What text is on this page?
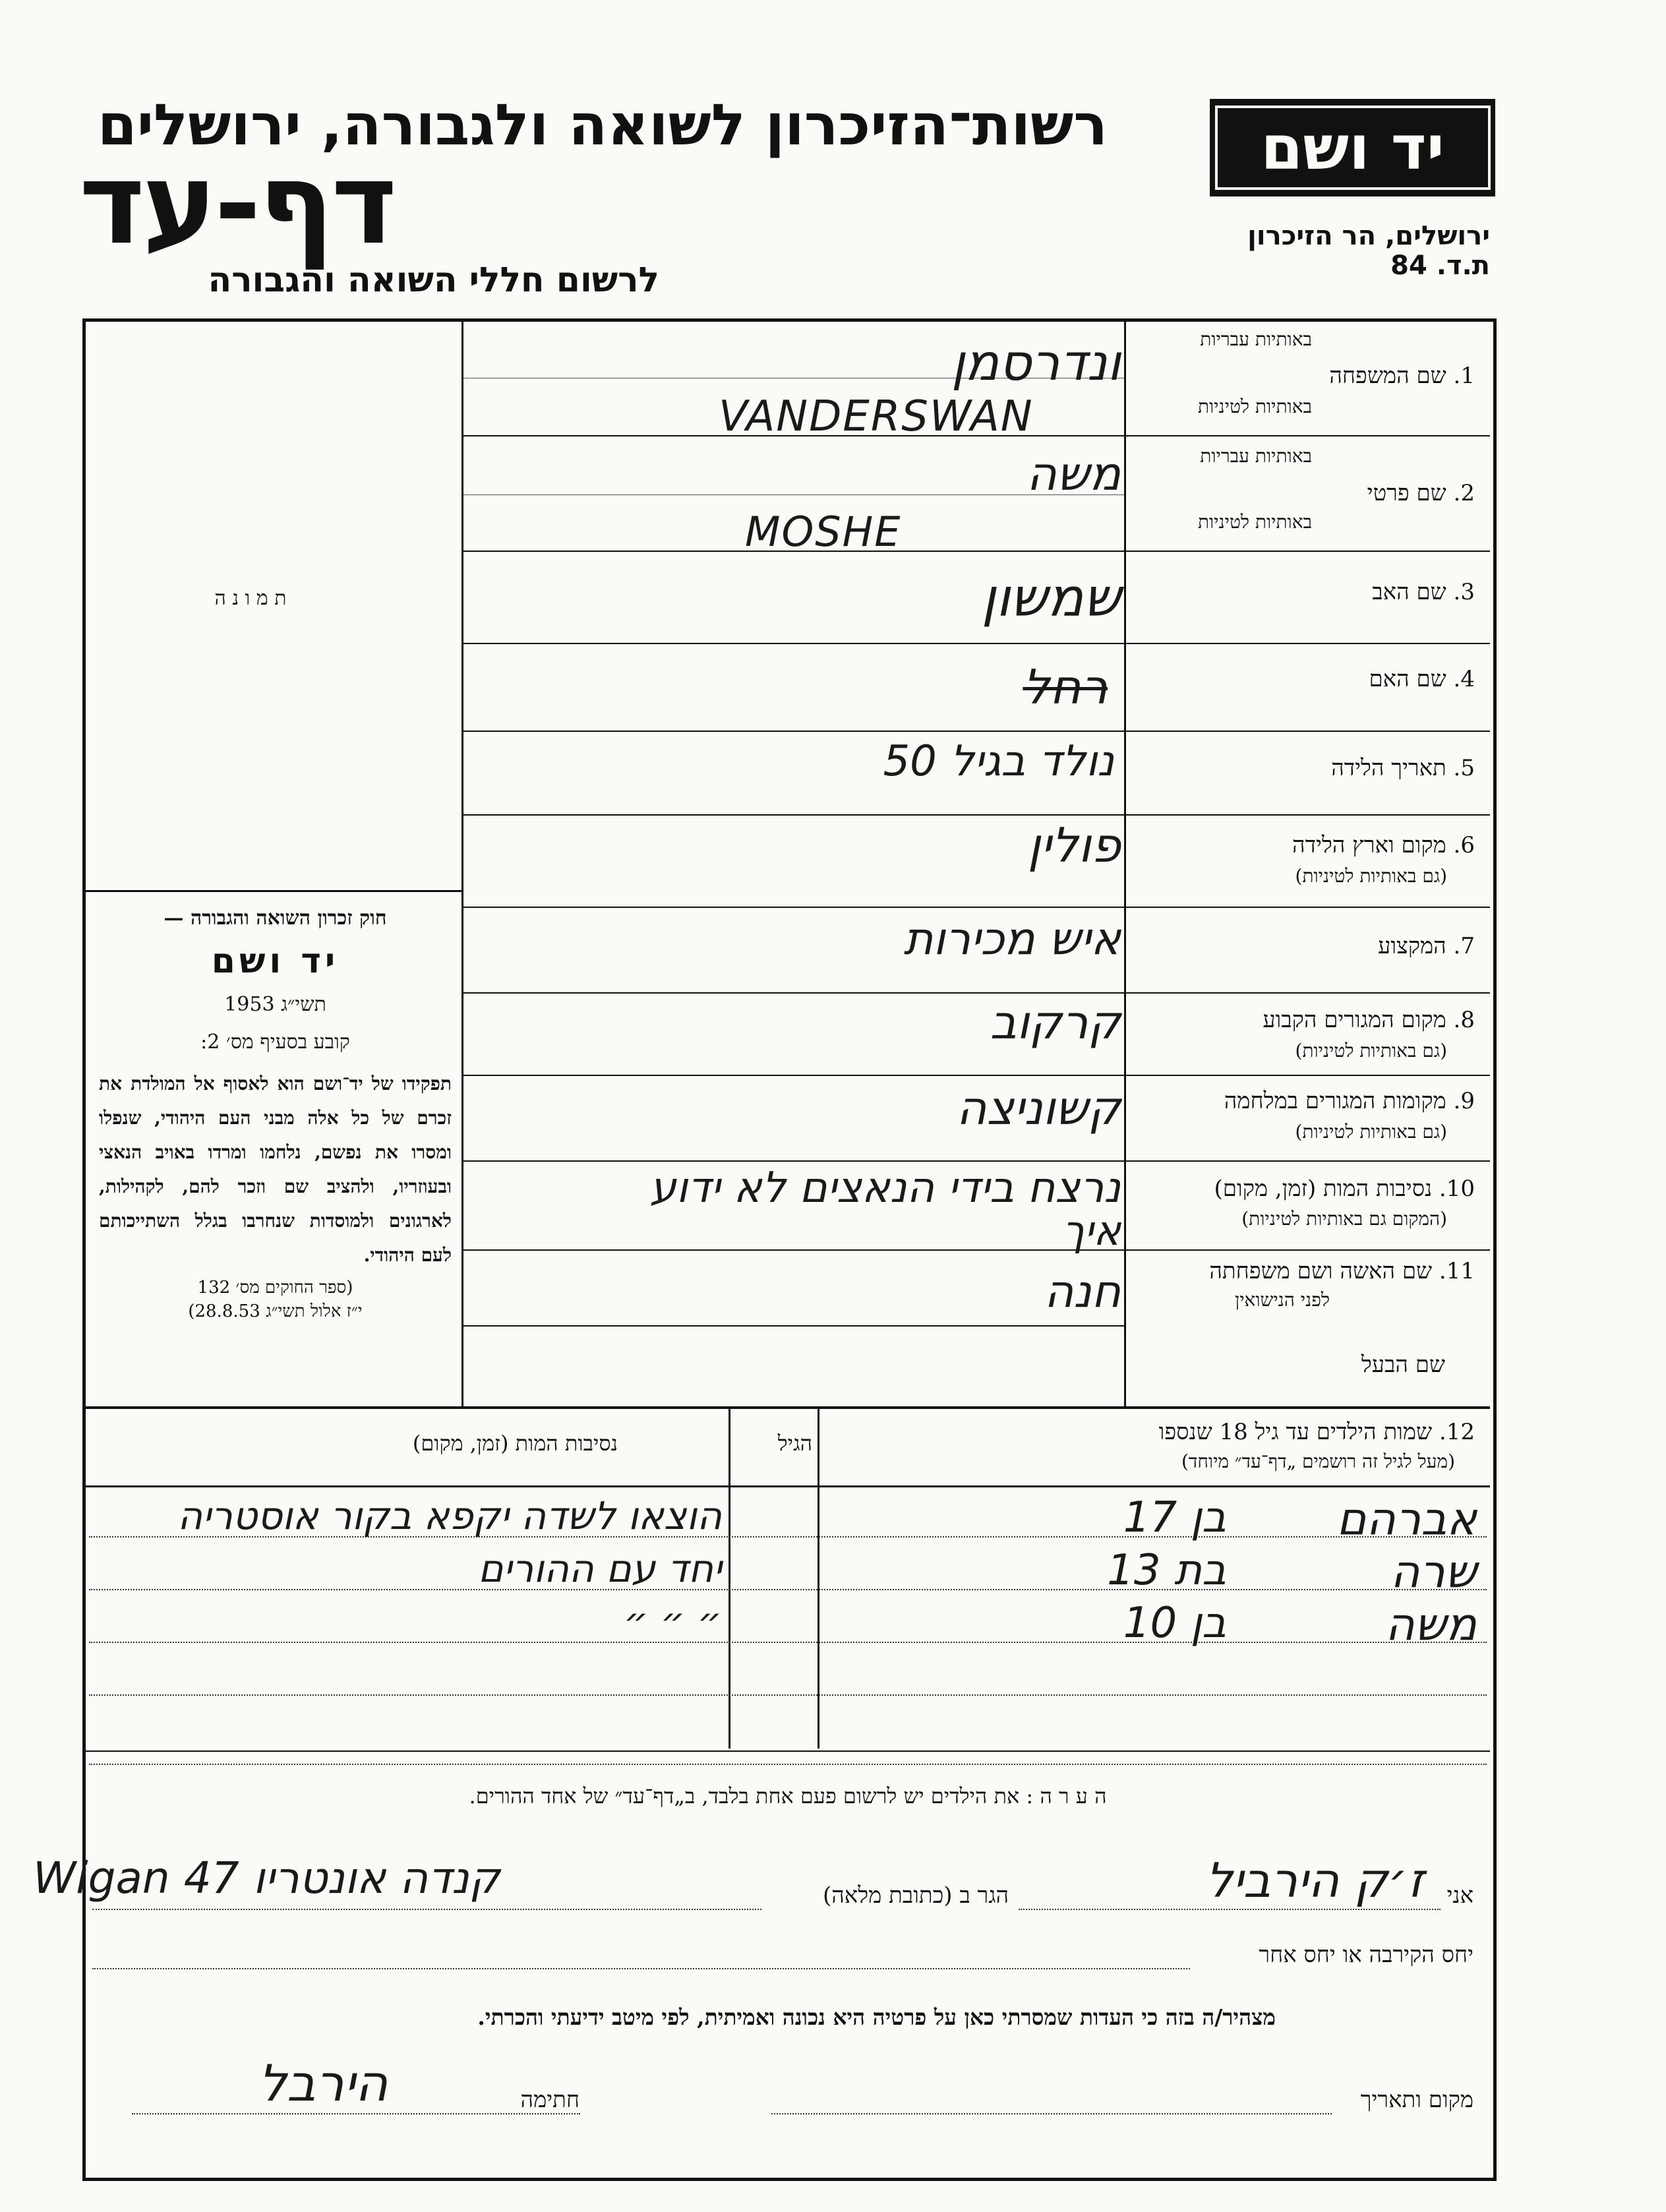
רשות־הזיכרון לשואה ולגבורה, ירושלים
דף-עד
לרשום חללי השואה והגבורה
יד ושם
ירושלים, הר הזיכרון
ת.ד. 84
ת מ ו נ ה
חוק זכרון השואה והגבורה —
יד ושם
תשי״ג 1953
קובע בסעיף מס׳ 2:
תפקידו של יד־ושם הוא לאסוף אל המולדת את זכרם של כל אלה מבני העם היהודי, שנפלו ומסרו את נפשם, נלחמו ומרדו באויב הנאצי ובעוזריו, ולהציב שם וזכר להם, לקהילות, לארגונים ולמוסדות שנחרבו בגלל השתייכותם לעם היהודי.
(ספר החוקים מס׳ 132
י״ז אלול תשי״ג 28.8.53)
באותיות עבריות
1. שם המשפחה
באותיות לטיניות
באותיות עבריות
2. שם פרטי
באותיות לטיניות
3. שם האב
4. שם האם
5. תאריך הלידה
6. מקום וארץ הלידה
(גם באותיות לטיניות)
7. המקצוע
8. מקום המגורים הקבוע
(גם באותיות לטיניות)
9. מקומות המגורים במלחמה
(גם באותיות לטיניות)
10. נסיבות המות (זמן, מקום)
(המקום גם באותיות לטיניות)
11. שם האשה ושם משפחתה
לפני הנישואין
שם הבעל
ונדרסמן
VANDERSWAN
משה
MOSHE
שמשון
רחל
נולד בגיל 50
פולין
איש מכירות
קרקוב
קשוניצה
נרצח בידי הנאצים לא ידוע
איך
חנה
12. שמות הילדים עד גיל 18 שנספו
(מעל לגיל זה רושמים „דף־עד״ מיוחד)
הגיל
נסיבות המות (זמן, מקום)
אברהם
בן 17
הוצאו לשדה יקפא בקור אוסטריה
שרה
בת 13
יחד עם ההורים
משה
בן 10
״ ״ ״
ה ע ר ה : את הילדים יש לרשום פעם אחת בלבד, ב„דף־עד״ של אחד ההורים.
אני
ז׳ק הירביל
הגר ב (כתובת מלאה)
קנדה אונטריו 47 Wigan
יחס הקירבה או יחס אחר
מצהיר/ה בזה כי העדות שמסרתי כאן על פרטיה היא נכונה ואמיתית, לפי מיטב ידיעתי והכרתי.
מקום ותאריך
חתימה
הירבל
